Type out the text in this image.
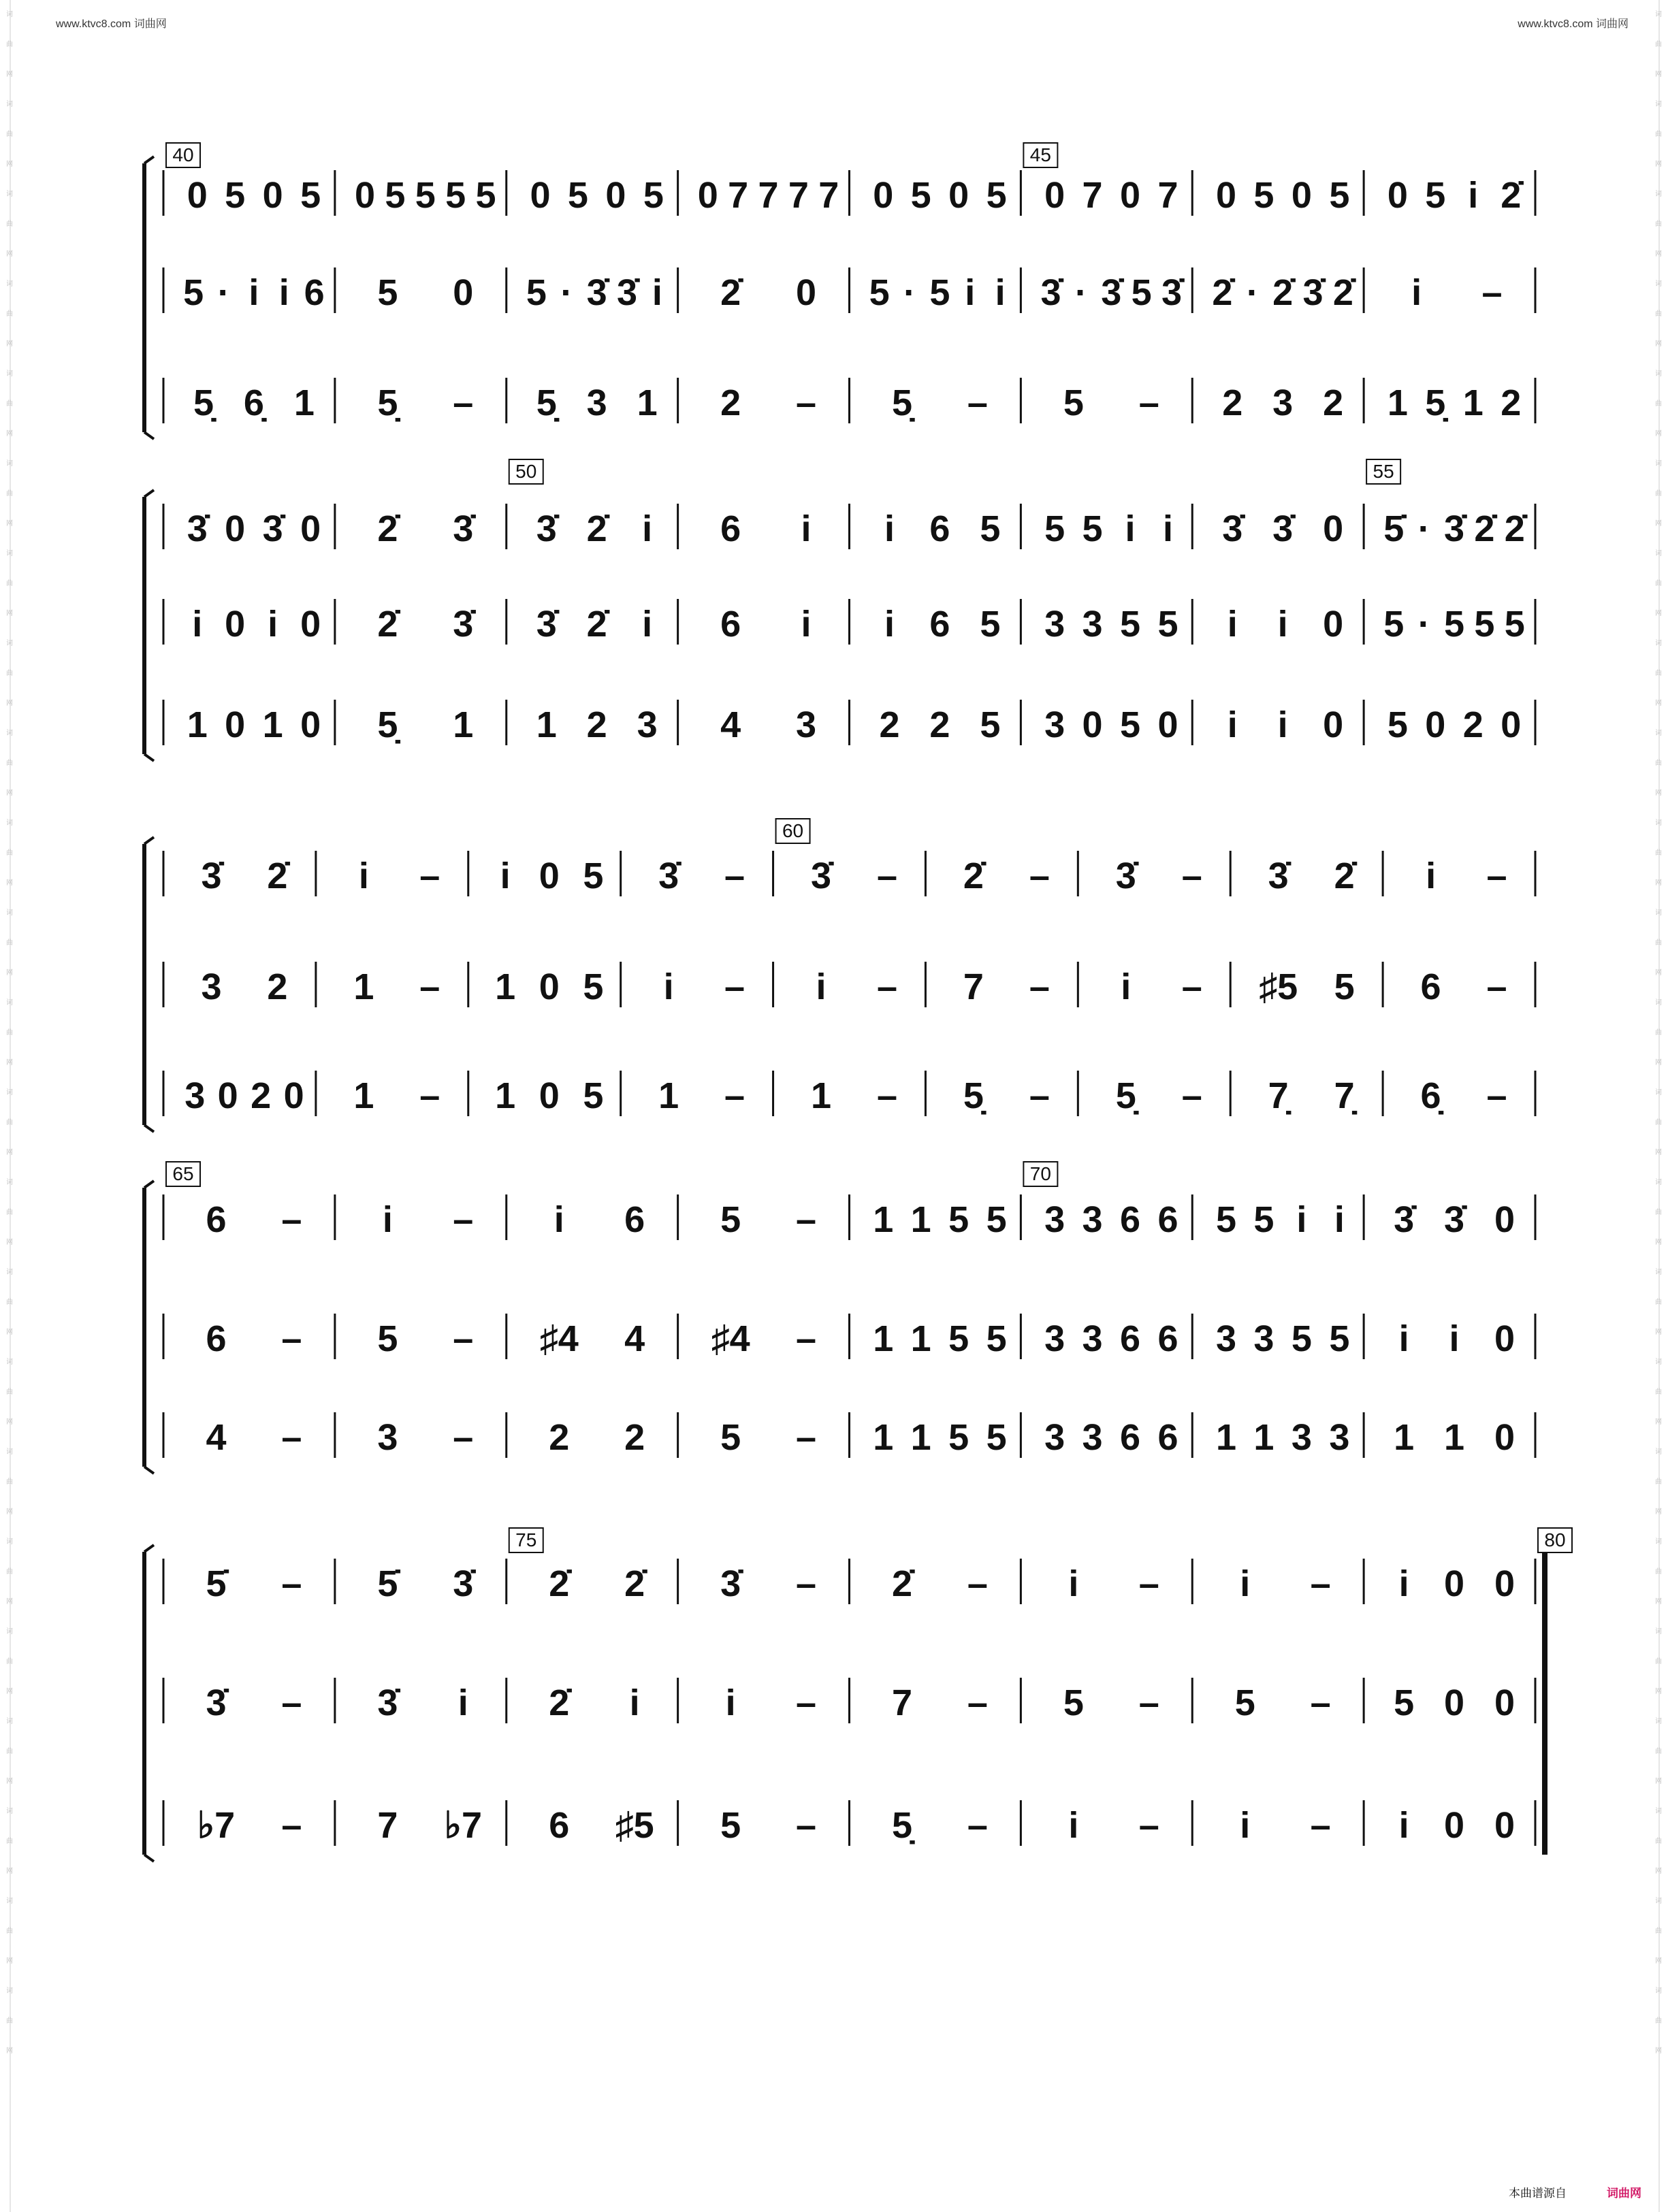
词
曲
网
词
曲
网
词
曲
网
词
曲
网
词
曲
网
词
曲
网
词
曲
网
词
曲
网
词
曲
网
词
曲
网
词
曲
网
词
曲
网
词
曲
网
词
曲
网
词
曲
网
词
曲
网
词
曲
网
词
曲
网
词
曲
网
词
曲
网
词
曲
网
词
曲
网
词
曲
网
词
曲
网
词
曲
网
词
曲
网
词
曲
网
词
曲
网
词
曲
网
词
曲
网
词
曲
网
词
曲
网
词
曲
网
词
曲
网
词
曲
网
词
曲
网
词
曲
网
词
曲
网
词
曲
网
词
曲
网
词
曲
网
词
曲
网
词
曲
网
词
曲
网
词
曲
网
词
曲
网
www.ktvc8.com 词曲网	www.ktvc8.com 词曲网
40	45
0 5 0 5 0 5 5 5 5 0 5 0 5 0 7 7 7 7 0 5 0 5 0 7 0 7 0 5 0 5 0 5 i 2̇
5 · i i 6 5 0 5 · 3̇ 3̇ i 2̇ 0 5 · 5 i i 3̇ · 3̇ 5 3̇ 2̇ · 2̇ 3̇ 2̇ i –
5̣ 6̣ 1 5̣ – 5̣ 3 1 2 – 5̣ – 5 – 2 3 2 1 5̣ 1 2
50	55
3̇ 0 3̇ 0 2̇ 3̇ 3̇ 2̇ i 6 i i 6 5 5 5 i i 3̇ 3̇ 0 5̇ · 3̇ 2̇ 2̇
i 0 i 0 2̇ 3̇ 3̇ 2̇ i 6 i i 6 5 3 3 5 5 i i 0 5 · 5 5 5
1 0 1 0 5̣ 1 1 2 3 4 3 2 2 5 3 0 5 0 i i 0 5 0 2 0
60
3̇ 2̇ i – i 0 5 3̇ – 3̇ – 2̇ – 3̇ – 3̇ 2̇ i –
3 2 1 – 1 0 5 i – i – 7 – i – ♯5 5 6 –
3 0 2 0 1 – 1 0 5 1 – 1 – 5̣ – 5̣ – 7̣ 7̣ 6̣ –
65	70
6 – i – i 6 5 – 1 1 5 5 3 3 6 6 5 5 i i 3̇ 3̇ 0
6 – 5 – ♯4 4 ♯4 – 1 1 5 5 3 3 6 6 3 3 5 5 i i 0
4 – 3 – 2 2 5 – 1 1 5 5 3 3 6 6 1 1 3 3 1 1 0
75	80
5̇ – 5̇ 3̇ 2̇ 2̇ 3̇ – 2̇ – i – i – i 0 0
3̇ – 3̇ i 2̇ i i – 7 – 5 – 5 – 5 0 0
♭7 – 7 ♭7 6 ♯5 5 – 5̣ – i – i – i 0 0
本曲谱源自	词曲网
